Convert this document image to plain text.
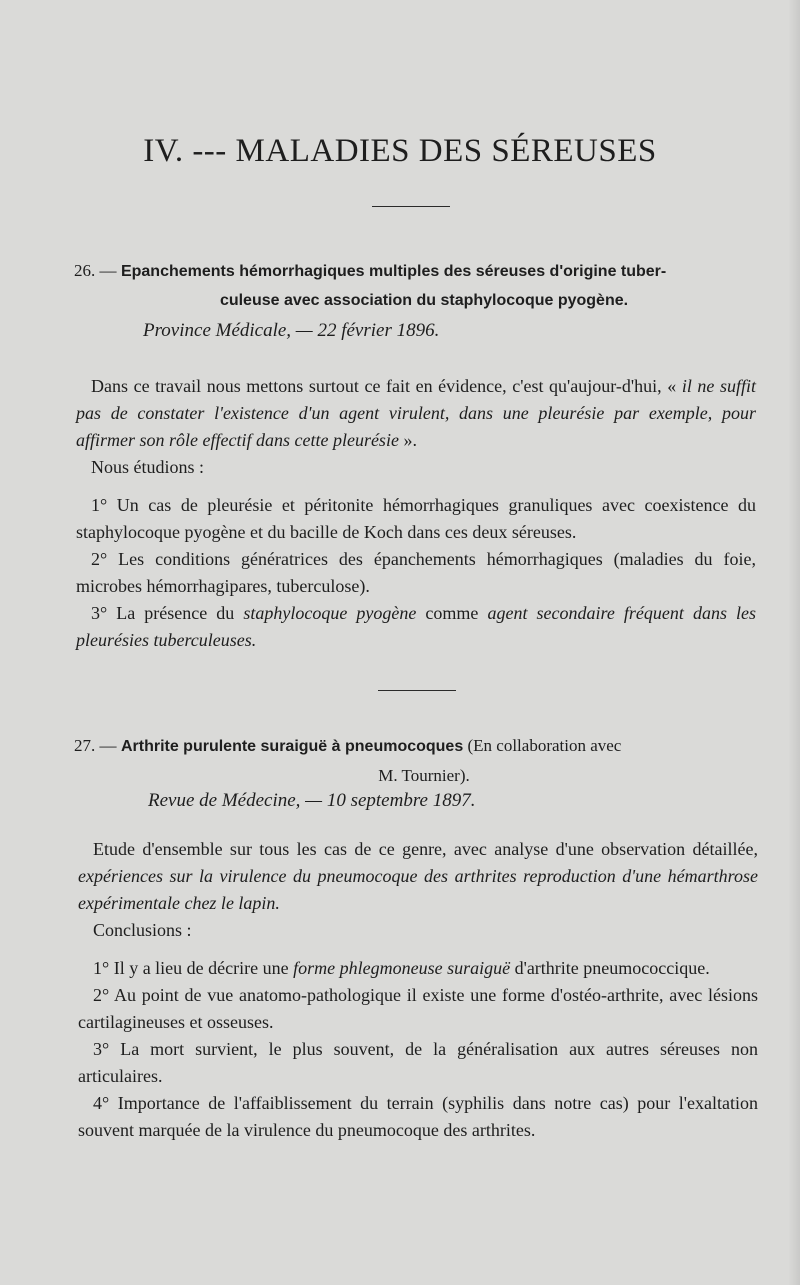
IV. --- MALADIES DES SÉREUSES
26. — Epanchements hémorrhagiques multiples des séreuses d'origine tuber-
culeuse avec association du staphylocoque pyogène.
Province Médicale, — 22 février 1896.

Dans ce travail nous mettons surtout ce fait en évidence, c'est qu'aujour-d'hui, « il ne suffit pas de constater l'existence d'un agent virulent, dans une pleurésie par exemple, pour affirmer son rôle effectif dans cette pleurésie ».

Nous étudions :

1° Un cas de pleurésie et péritonite hémorrhagiques granuliques avec coexistence du staphylocoque pyogène et du bacille de Koch dans ces deux séreuses.

2° Les conditions génératrices des épanchements hémorrhagiques (maladies du foie, microbes hémorrhagipares, tuberculose).

3° La présence du staphylocoque pyogène comme agent secondaire fréquent dans les pleurésies tuberculeuses.

27. — Arthrite purulente suraiguë à pneumocoques (En collaboration avec
M. Tournier).
Revue de Médecine, — 10 septembre 1897.

Etude d'ensemble sur tous les cas de ce genre, avec analyse d'une observation détaillée, expériences sur la virulence du pneumocoque des arthrites reproduction d'une hémarthrose expérimentale chez le lapin.

Conclusions :

1° Il y a lieu de décrire une forme phlegmoneuse suraiguë d'arthrite pneumococcique.

2° Au point de vue anatomo-pathologique il existe une forme d'ostéo-arthrite, avec lésions cartilagineuses et osseuses.

3° La mort survient, le plus souvent, de la généralisation aux autres séreuses non articulaires.

4° Importance de l'affaiblissement du terrain (syphilis dans notre cas) pour l'exaltation souvent marquée de la virulence du pneumocoque des arthrites.
